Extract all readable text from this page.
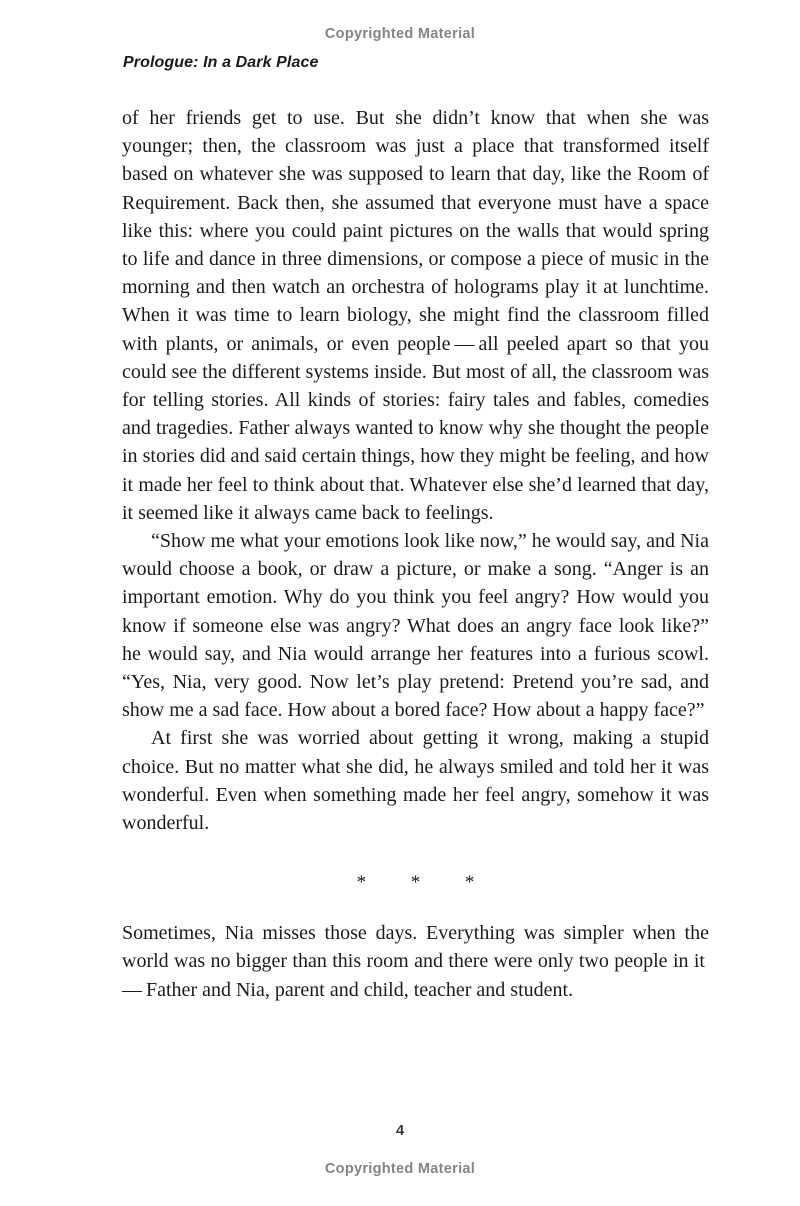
Copyrighted Material
Prologue: In a Dark Place

of her friends get to use. But she didn’t know that when she was younger; then, the classroom was just a place that transformed itself based on whatever she was supposed to learn that day, like the Room of Requirement. Back then, she assumed that everyone must have a space like this: where you could paint pictures on the walls that would spring to life and dance in three dimensions, or compose a piece of music in the morning and then watch an orchestra of holograms play it at lunchtime. When it was time to learn biology, she might find the classroom filled with plants, or animals, or even people — all peeled apart so that you could see the different systems inside. But most of all, the classroom was for telling stories. All kinds of stories: fairy tales and fables, comedies and tragedies. Father always wanted to know why she thought the people in stories did and said certain things, how they might be feeling, and how it made her feel to think about that. Whatever else she’d learned that day, it seemed like it always came back to feelings.

“Show me what your emotions look like now,” he would say, and Nia would choose a book, or draw a picture, or make a song. “Anger is an important emotion. Why do you think you feel angry? How would you know if someone else was angry? What does an angry face look like?” he would say, and Nia would arrange her features into a furious scowl. “Yes, Nia, very good. Now let’s play pretend: Pretend you’re sad, and show me a sad face. How about a bored face? How about a happy face?”

At first she was worried about getting it wrong, making a stupid choice. But no matter what she did, he always smiled and told her it was wonderful. Even when something made her feel angry, somehow it was wonderful.

* * *

Sometimes, Nia misses those days. Everything was simpler when the world was no bigger than this room and there were only two people in it — Father and Nia, parent and child, teacher and student.

4
Copyrighted Material
